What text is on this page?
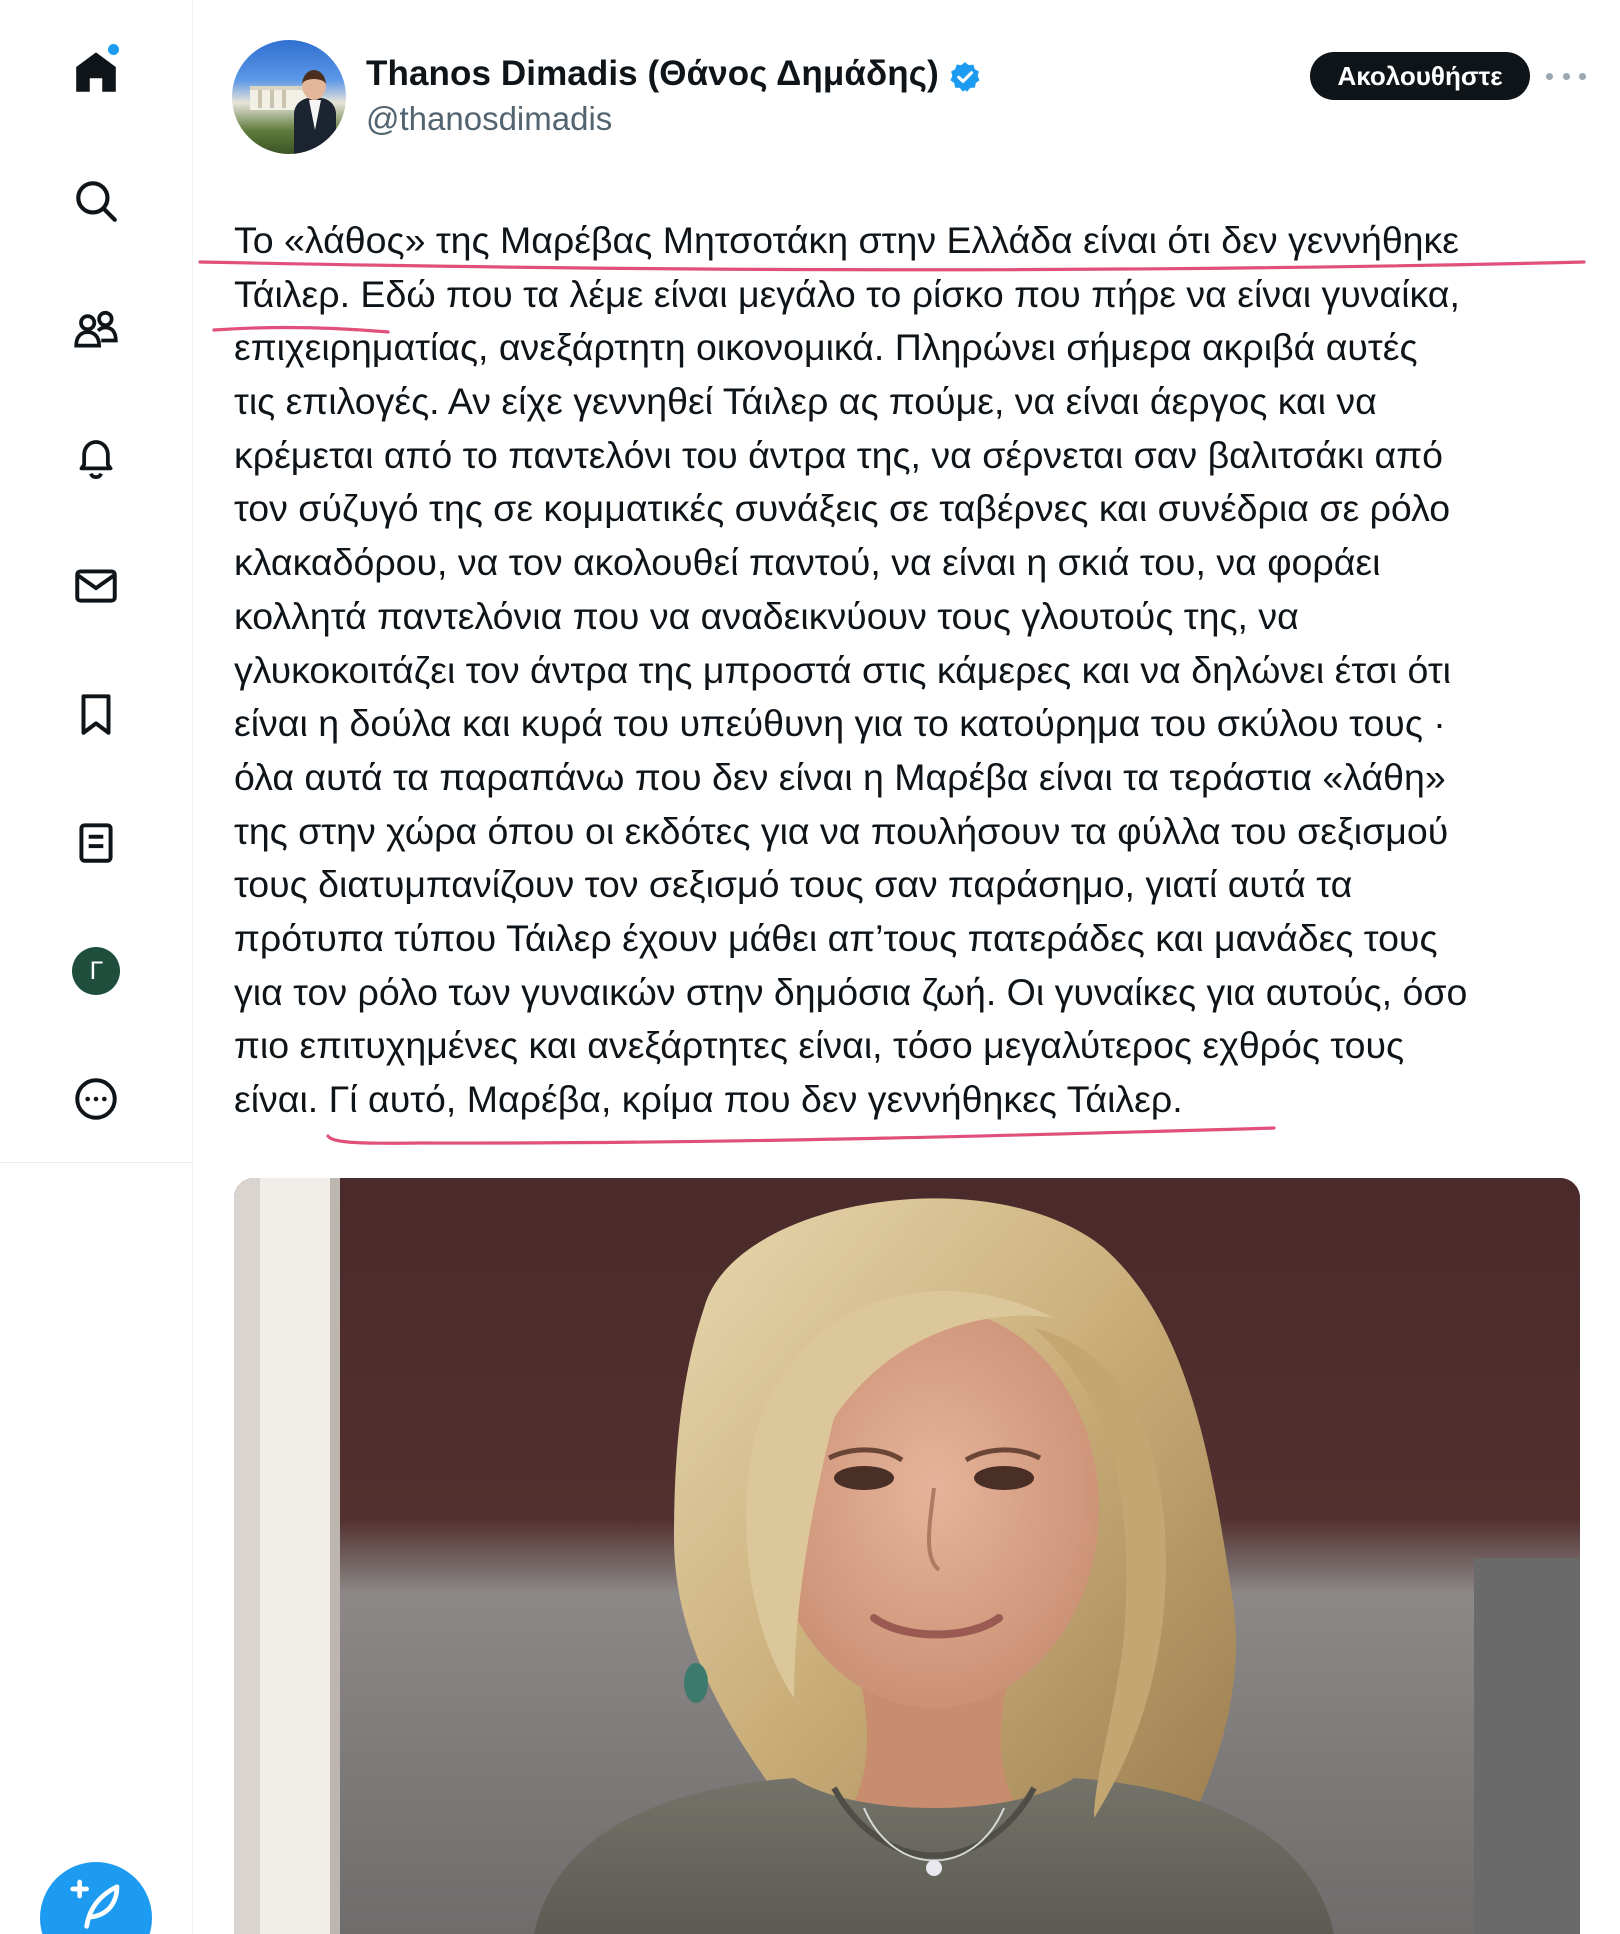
Γ
Thanos Dimadis (Θάνος Δημάδης)
@thanosdimadis
Ακολουθήστε
Το «λάθος» της Μαρέβας Μητσοτάκη στην Ελλάδα είναι ότι δεν γεννήθηκε
Τάιλερ. Εδώ που τα λέμε είναι μεγάλο το ρίσκο που πήρε να είναι γυναίκα,
επιχειρηματίας, ανεξάρτητη οικονομικά. Πληρώνει σήμερα ακριβά αυτές
τις επιλογές. Αν είχε γεννηθεί Τάιλερ ας πούμε, να είναι άεργος και να
κρέμεται από το παντελόνι του άντρα της, να σέρνεται σαν βαλιτσάκι από
τον σύζυγό της σε κομματικές συνάξεις σε ταβέρνες και συνέδρια σε ρόλο
κλακαδόρου, να τον ακολουθεί παντού, να είναι η σκιά του, να φοράει
κολλητά παντελόνια που να αναδεικνύουν τους γλουτούς της, να
γλυκοκοιτάζει τον άντρα της μπροστά στις κάμερες και να δηλώνει έτσι ότι
είναι η δούλα και κυρά του υπεύθυνη για το κατούρημα του σκύλου τους ·
όλα αυτά τα παραπάνω που δεν είναι η Μαρέβα είναι τα τεράστια «λάθη»
της στην χώρα όπου οι εκδότες για να πουλήσουν τα φύλλα του σεξισμού
τους διατυμπανίζουν τον σεξισμό τους σαν παράσημο, γιατί αυτά τα
πρότυπα τύπου Τάιλερ έχουν μάθει απ’τους πατεράδες και μανάδες τους
για τον ρόλο των γυναικών στην δημόσια ζωή. Οι γυναίκες για αυτούς, όσο
πιο επιτυχημένες και ανεξάρτητες είναι, τόσο μεγαλύτερος εχθρός τους
είναι. Γί αυτό, Μαρέβα, κρίμα που δεν γεννήθηκες Τάιλερ.
